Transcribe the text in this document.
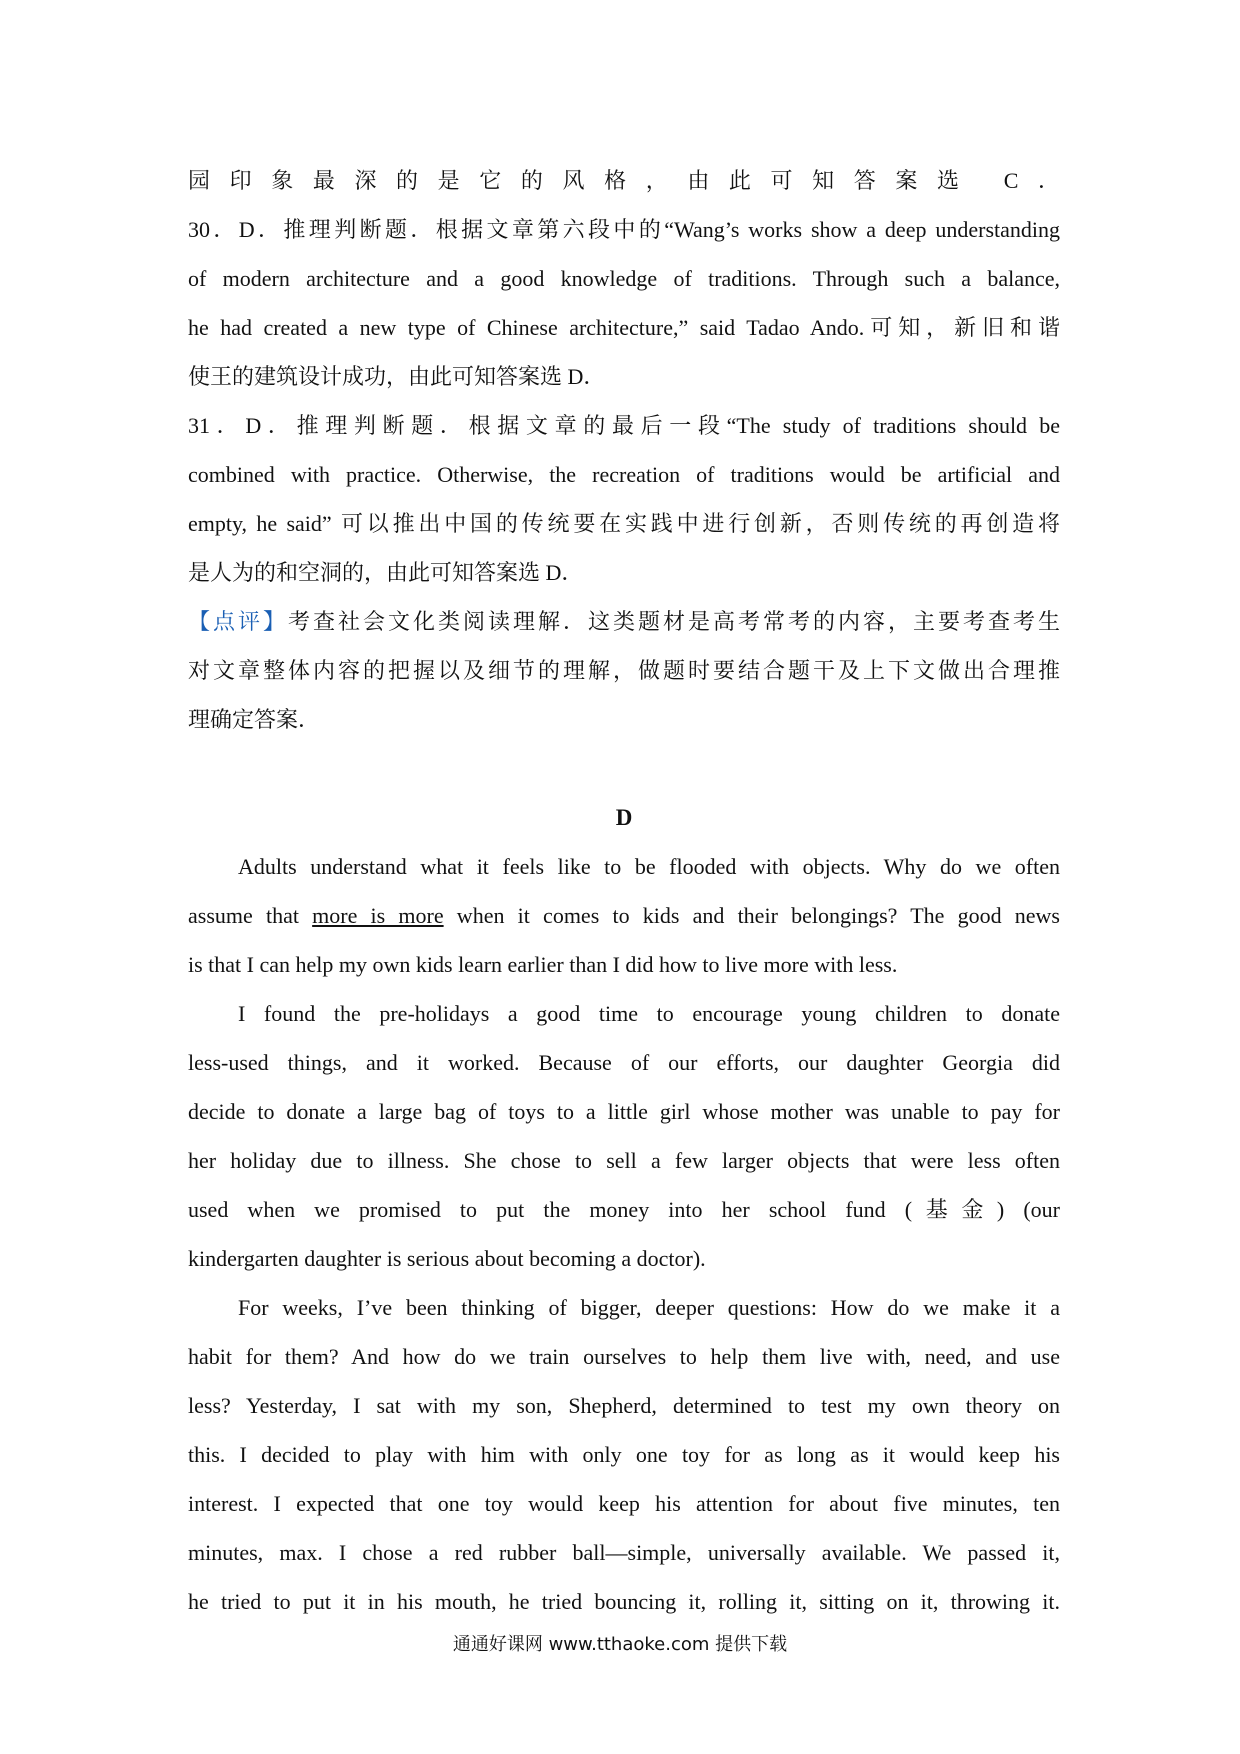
园印象最深的是它的风格，由此可知答案选 C．
30．D．推理判断题．根据文章第六段中的“Wang’s works show a deep understanding
of modern architecture and a good knowledge of traditions. Through such a balance,
he had created a new type of Chinese architecture,” said Tadao Ando.可知，新旧和谐
使王的建筑设计成功，由此可知答案选 D．
31．D．推理判断题．根据文章的最后一段“The study of traditions should be
combined with practice. Otherwise, the recreation of traditions would be artificial and
empty, he said” 可以推出中国的传统要在实践中进行创新，否则传统的再创造将
是人为的和空洞的，由此可知答案选 D．
【点评】考查社会文化类阅读理解．这类题材是高考常考的内容，主要考查考生
对文章整体内容的把握以及细节的理解，做题时要结合题干及上下文做出合理推
理确定答案．
D
Adults understand what it feels like to be flooded with objects. Why do we often
assume that more is more when it comes to kids and their belongings? The good news
is that I can help my own kids learn earlier than I did how to live more with less.
I found the pre-holidays a good time to encourage young children to donate
less-used things, and it worked. Because of our efforts, our daughter Georgia did
decide to donate a large bag of toys to a little girl whose mother was unable to pay for
her holiday due to illness. She chose to sell a few larger objects that were less often
used when we promised to put the money into her school fund (基金) (our
kindergarten daughter is serious about becoming a doctor).
For weeks, I’ve been thinking of bigger, deeper questions: How do we make it a
habit for them? And how do we train ourselves to help them live with, need, and use
less? Yesterday, I sat with my son, Shepherd, determined to test my own theory on
this. I decided to play with him with only one toy for as long as it would keep his
interest. I expected that one toy would keep his attention for about five minutes, ten
minutes, max. I chose a red rubber ball—simple, universally available. We passed it,
he tried to put it in his mouth, he tried bouncing it, rolling it, sitting on it, throwing it.
通通好课网 www.tthaoke.com 提供下载
